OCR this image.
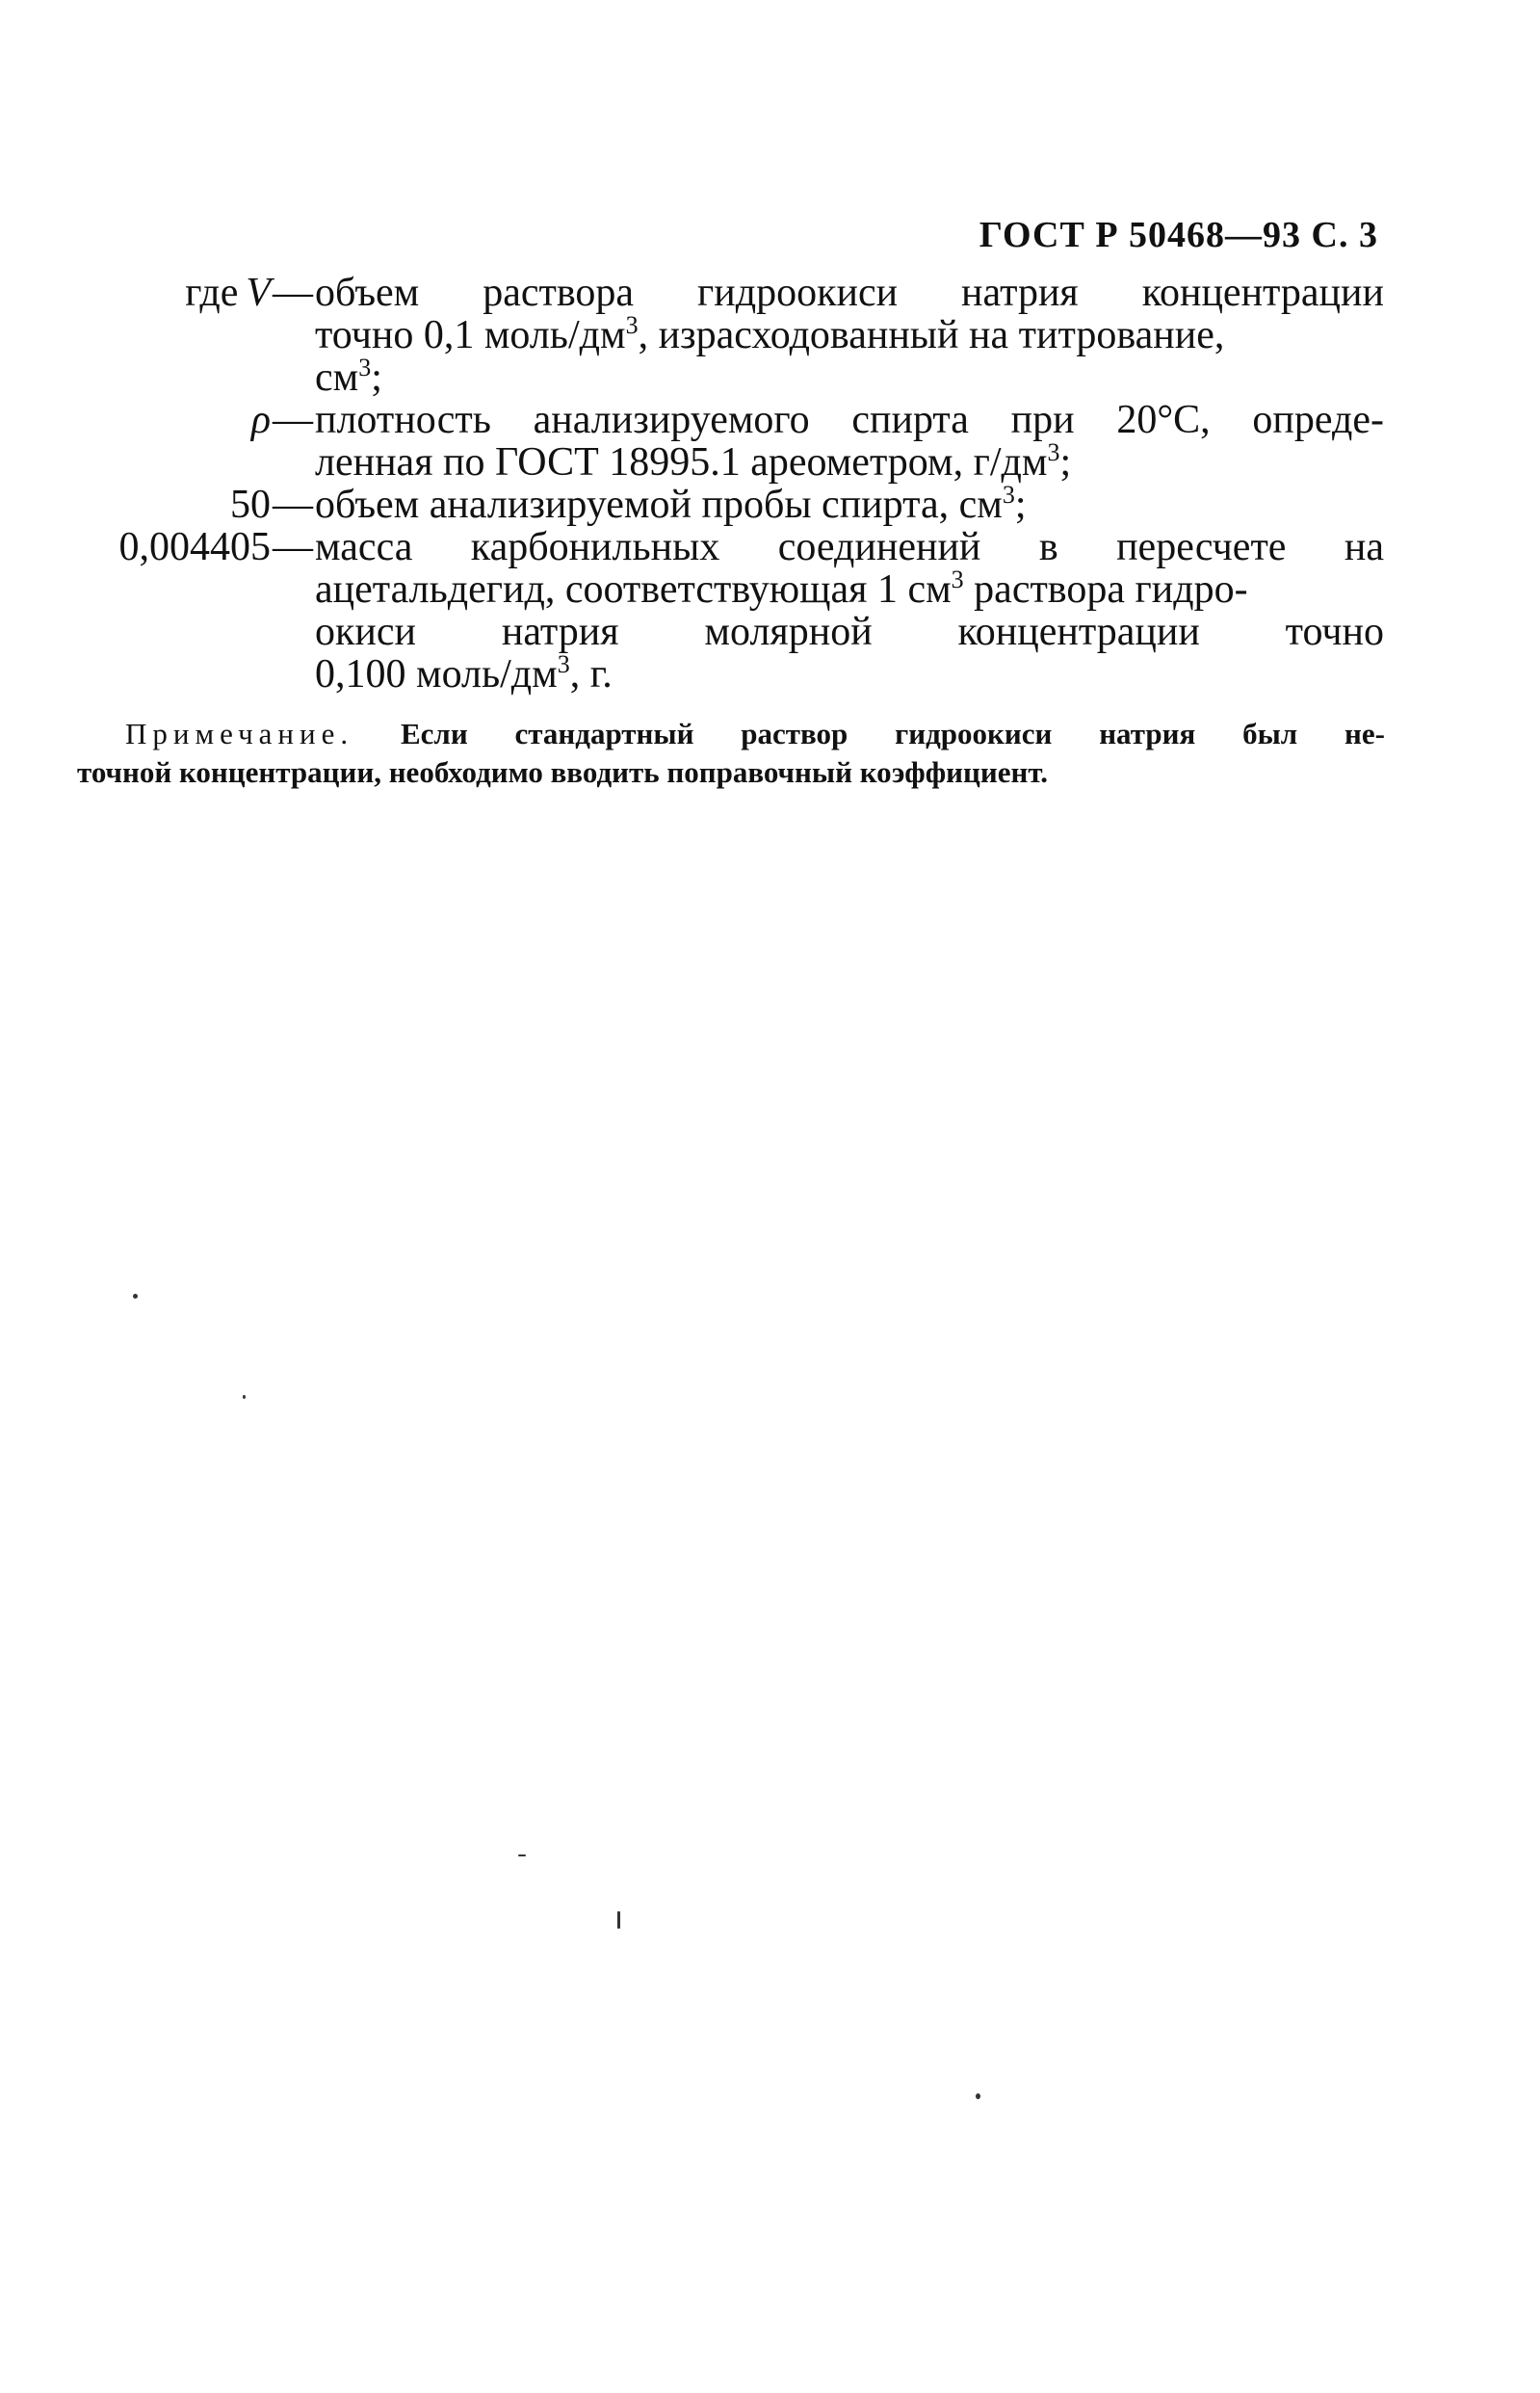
ГОСТ Р 50468—93 С. 3
где V— объем раствора гидроокиси натрия концентрации
точно 0,1 моль/$дм^3$, израсходованный на титрование,
$см^3$;
ρ— плотность анализируемого спирта при 20°С, опреде-
ленная по ГОСТ 18995.1 ареометром, $г/дм^3$;
50— объем анализируемой пробы спирта, $см^3$;
0,004405— масса карбонильных соединений в пересчете на
ацетальдегид, соответствующая 1 $см^3$ раствора гидро-
окиси натрия молярной концентрации точно
0,100 моль/$дм^3$, г.
Примечание. Если стандартный раствор гидроокиси натрия был не-
точной концентрации, необходимо вводить поправочный коэффициент.
